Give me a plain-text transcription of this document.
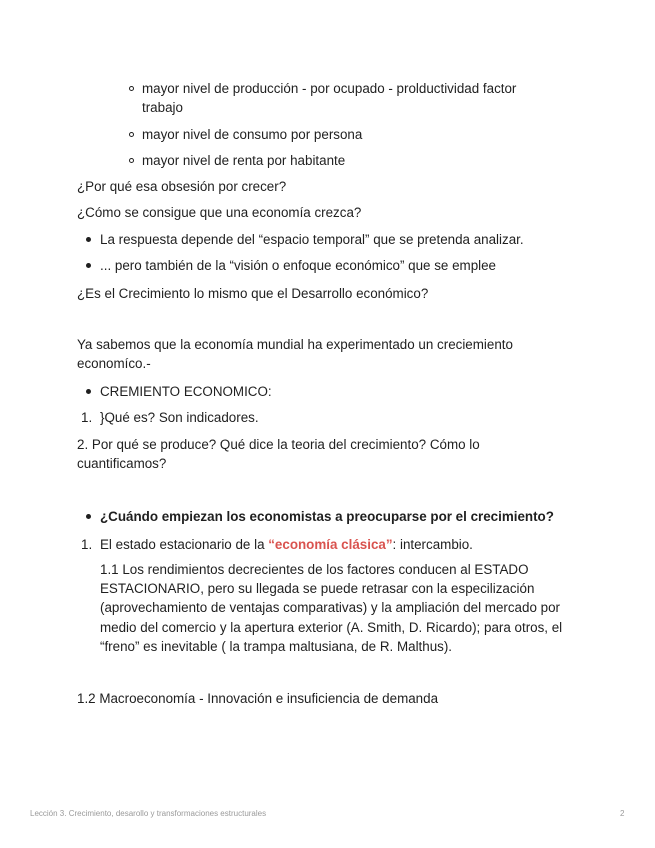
mayor nivel de producción - por ocupado - prolductividad factor
trabajo
mayor nivel de consumo por persona
mayor nivel de renta por habitante
¿Por qué esa obsesión por crecer?
¿Cómo se consigue que una economía crezca?
La respuesta depende del “espacio temporal” que se pretenda analizar.
... pero también de la “visión o enfoque económico” que se emplee
¿Es el Crecimiento lo mismo que el Desarrollo económico?
Ya sabemos que la economía mundial ha experimentado un creciemiento
economíco.-
CREMIENTO ECONOMICO:
1. }Qué es? Son indicadores.
2. Por qué se produce? Qué dice la teoria del crecimiento? Cómo lo
cuantificamos?
¿Cuándo empiezan los economistas a preocuparse por el crecimiento?
1. El estado estacionario de la “economía clásica”: intercambio.
1.1 Los rendimientos decrecientes de los factores conducen al ESTADO
ESTACIONARIO, pero su llegada se puede retrasar con la especilización
(aprovechamiento de ventajas comparativas) y la ampliación del mercado por
medio del comercio y la apertura exterior (A. Smith, D. Ricardo); para otros, el
“freno” es inevitable ( la trampa maltusiana, de R. Malthus).
1.2 Macroeconomía - Innovación e insuficiencia de demanda
Lección 3. Crecimiento, desarollo y transformaciones estructurales	2
